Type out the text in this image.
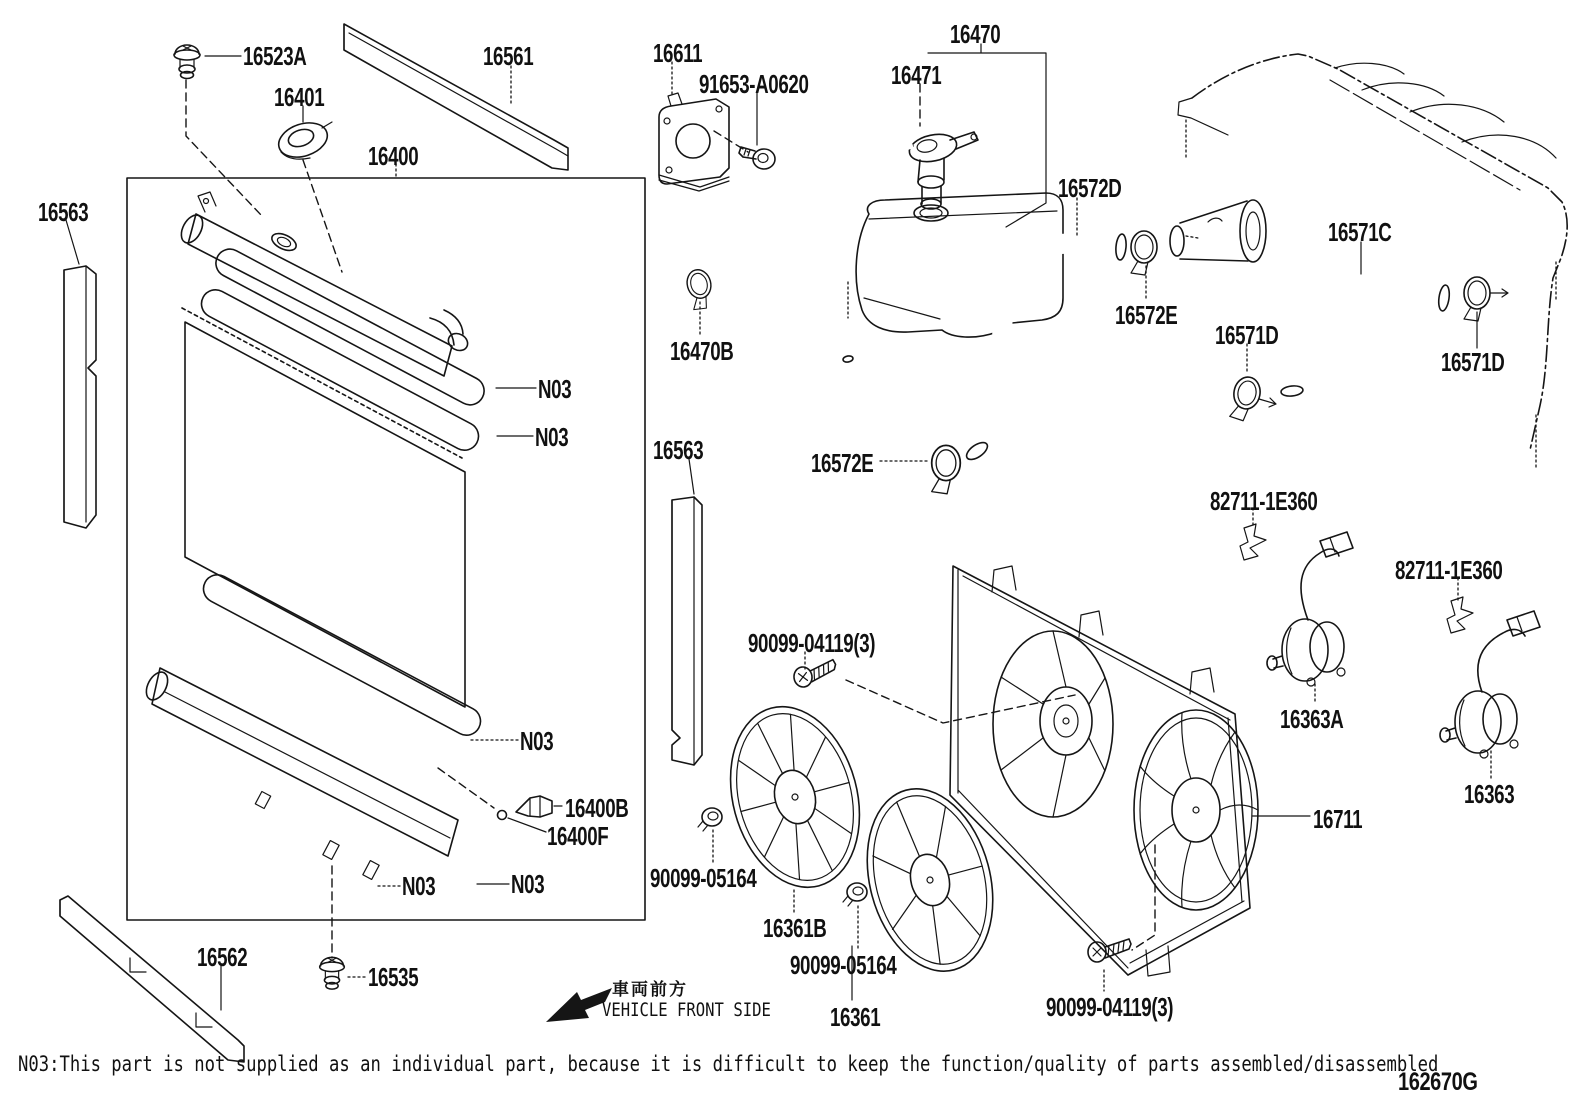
16523A
16401
16561
16400
16563
16611
91653-A0620
16470
16471
16572D
16572E
16571D
16571C
16571D
16563
16470B
16572E
82711-1E360
82711-1E360
16363A
16363
16711
90099-04119(3)
90099-05164
16361B
90099-05164
16361	90099-04119(3)
N03
N03
N03
N03
N03
16400B
16400F
16535
16562
車両前方
VEHICLE FRONT SIDE
N03:This part is not supplied as an individual part, because it is difficult to keep the function/quality of parts assembled/disassembled
162670G
